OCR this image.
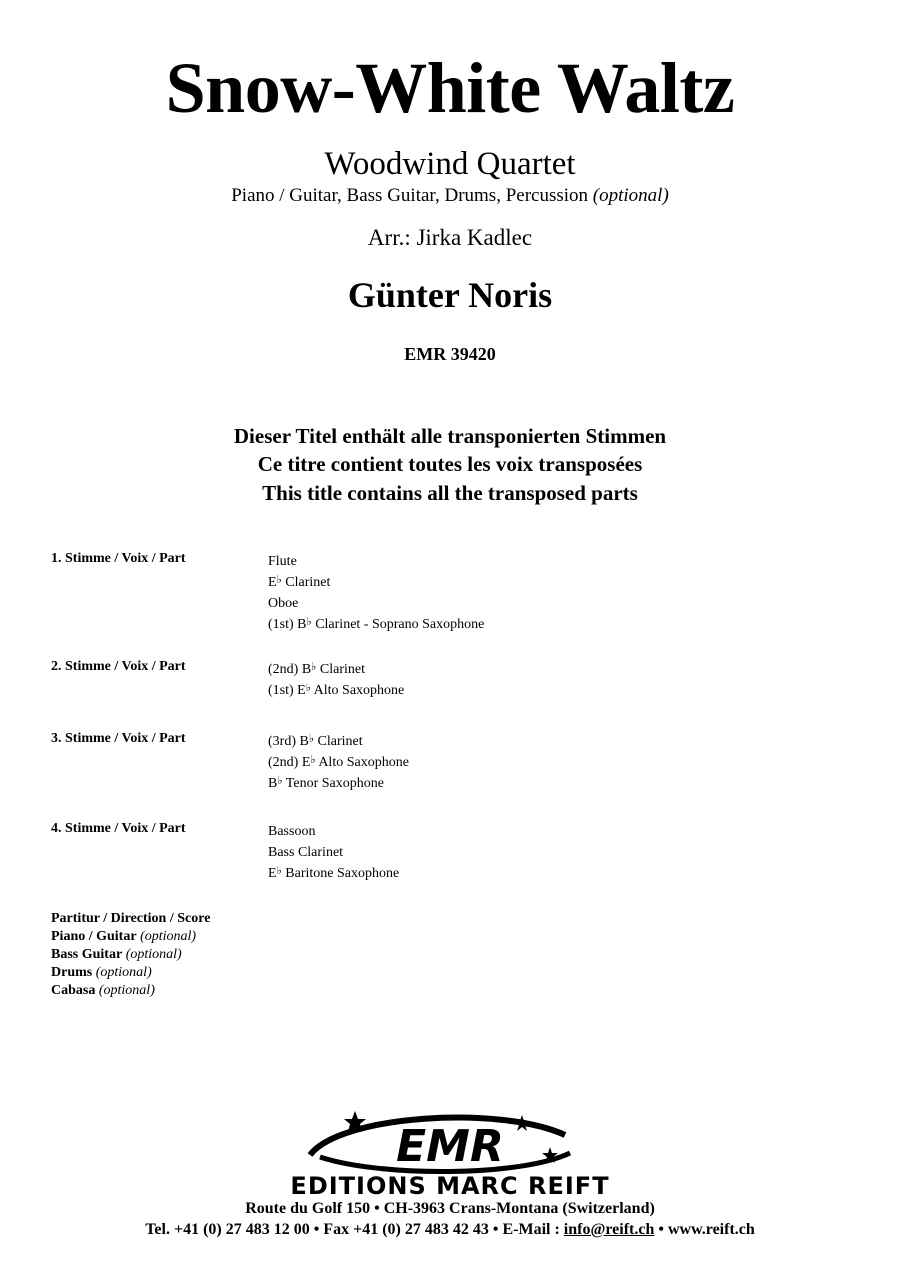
Snow-White Waltz
Woodwind Quartet
Piano / Guitar, Bass Guitar, Drums, Percussion (optional)
Arr.: Jirka Kadlec
Günter Noris
EMR 39420
Dieser Titel enthält alle transponierten Stimmen
Ce titre contient toutes les voix transposées
This title contains all the transposed parts
1. Stimme / Voix / Part	Flute
E♭ Clarinet
Oboe
(1st) B♭ Clarinet - Soprano Saxophone
2. Stimme / Voix / Part	(2nd) B♭ Clarinet
(1st) E♭ Alto Saxophone
3. Stimme / Voix / Part	(3rd) B♭ Clarinet
(2nd) E♭ Alto Saxophone
B♭ Tenor Saxophone
4. Stimme / Voix / Part	Bassoon
Bass Clarinet
E♭ Baritone Saxophone
Partitur / Direction / Score
Piano / Guitar (optional)
Bass Guitar (optional)
Drums (optional)
Cabasa (optional)
EMR
EDITIONS MARC REIFT
Route du Golf 150 • CH-3963 Crans-Montana (Switzerland)
Tel. +41 (0) 27 483 12 00 • Fax +41 (0) 27 483 42 43 • E-Mail : info@reift.ch • www.reift.ch
